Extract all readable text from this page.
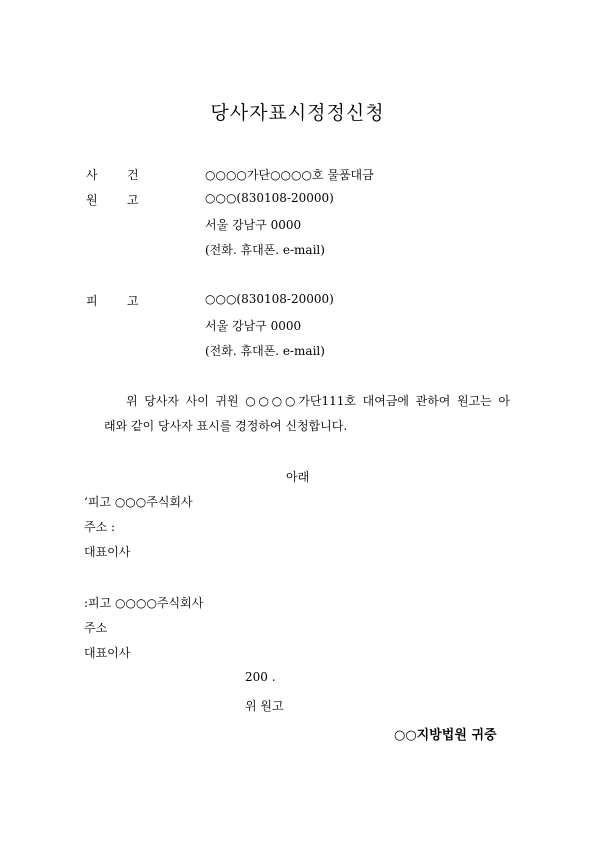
당사자표시정정신청
사 건	○○○○가단○○○○호 물품대금
원 고	○○○(830108-20000)
서울 강남구 0000
(전화. 휴대폰. e-mail)
피 고	○○○(830108-20000)
서울 강남구 0000
(전화. 휴대폰. e-mail)
위 당사자 사이 귀원 ○○○○가단111호 대여금에 관하여 원고는 아
래와 같이 당사자 표시를 경정하여 신청합니다.
아래
‘피고 ○○○주식회사
주소 :
대표이사
:피고 ○○○○주식회사
주소
대표이사
200 .
위 원고
○○지방법원 귀중
